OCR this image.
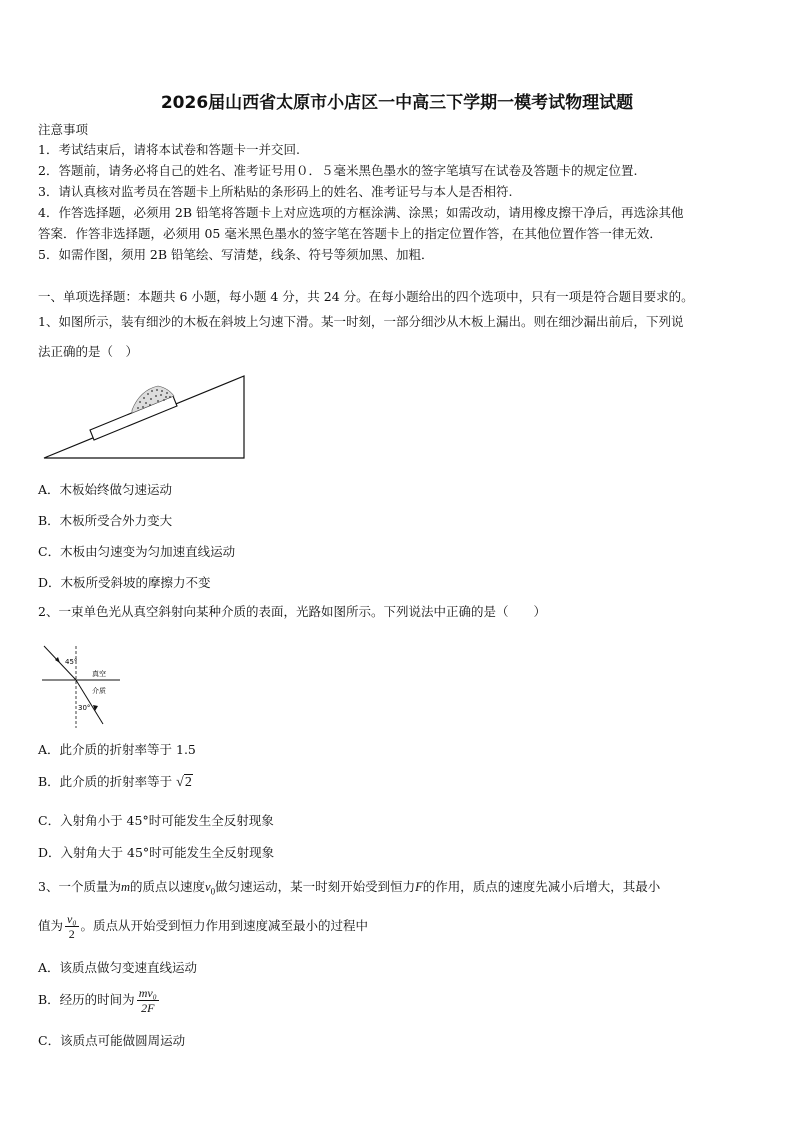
2026届山西省太原市小店区一中高三下学期一模考试物理试题
注意事项
1．考试结束后，请将本试卷和答题卡一并交回.
2．答题前，请务必将自己的姓名、准考证号用０．５毫米黑色墨水的签字笔填写在试卷及答题卡的规定位置.
3．请认真核对监考员在答题卡上所粘贴的条形码上的姓名、准考证号与本人是否相符.
4．作答选择题，必须用 2B 铅笔将答题卡上对应选项的方框涂满、涂黑；如需改动，请用橡皮擦干净后，再选涂其他
答案．作答非选择题，必须用 05 毫米黑色墨水的签字笔在答题卡上的指定位置作答，在其他位置作答一律无效．
5．如需作图，须用 2B 铅笔绘、写清楚，线条、符号等须加黑、加粗．
一、单项选择题：本题共 6 小题，每小题 4 分，共 24 分。在每小题给出的四个选项中，只有一项是符合题目要求的。
1、如图所示，装有细沙的木板在斜坡上匀速下滑。某一时刻，一部分细沙从木板上漏出。则在细沙漏出前后，下列说
法正确的是（　）
A．木板始终做匀速运动
B．木板所受合外力变大
C．木板由匀速变为匀加速直线运动
D．木板所受斜坡的摩擦力不变
2、一束单色光从真空斜射向某种介质的表面，光路如图所示。下列说法中正确的是（　　）
45°
30°
真空
介质
A．此介质的折射率等于 1.5
B．此介质的折射率等于 √2
C．入射角小于 45°时可能发生全反射现象
D．入射角大于 45°时可能发生全反射现象
3、一个质量为m的质点以速度$v_0$做匀速运动，某一时刻开始受到恒力F的作用，质点的速度先减小后增大，其最小
值为 $\frac{\text{v₀}}{2}$ 。质点从开始受到恒力作用到速度减至最小的过程中
A．该质点做匀变速直线运动
B．经历的时间为 $\frac{\text{mv₀}}{2F}$
C．该质点可能做圆周运动
